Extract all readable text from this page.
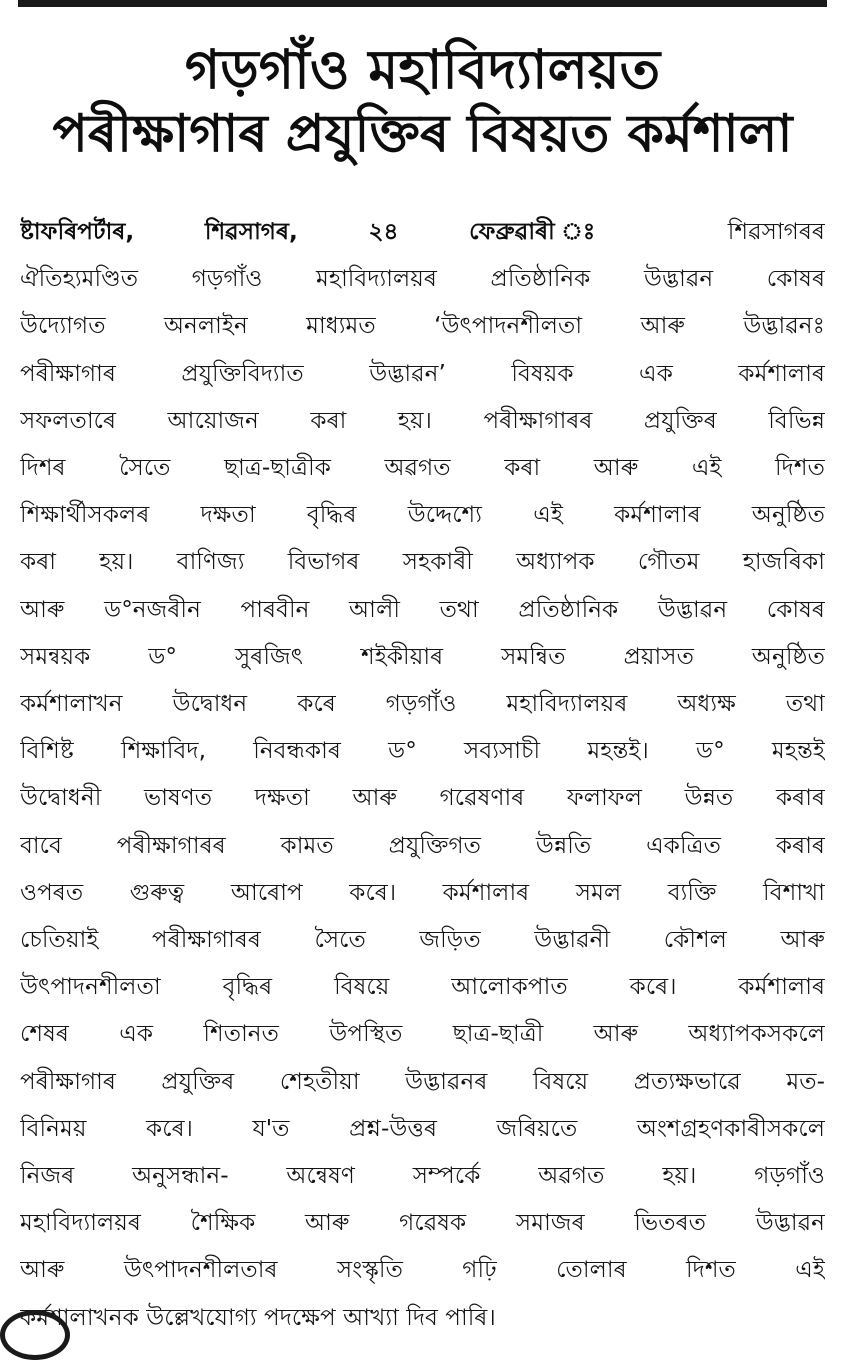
গড়গাঁও মহাবিদ্যালয়ত
পৰীক্ষাগাৰ প্ৰযুক্তিৰ বিষয়ত কৰ্মশালা
ষ্টাফৰিপৰ্টাৰ, শিৱসাগৰ, ২৪ ফেব্ৰুৱাৰী ঃ	শিৱসাগৰৰ
ঐতিহ্যমণ্ডিত গড়গাঁও মহাবিদ্যালয়ৰ প্ৰতিষ্ঠানিক উদ্ভাৱন কোষৰ
উদ্যোগত অনলাইন মাধ্যমত ‘উৎপাদনশীলতা আৰু উদ্ভাৱনঃ
পৰীক্ষাগাৰ প্ৰযুক্তিবিদ্যাত উদ্ভাৱন’ বিষয়ক এক কৰ্মশালাৰ
সফলতাৰে আয়োজন কৰা হয়। পৰীক্ষাগাৰৰ প্ৰযুক্তিৰ বিভিন্ন
দিশৰ সৈতে ছাত্ৰ-ছাত্ৰীক অৱগত কৰা আৰু এই দিশত
শিক্ষাৰ্থীসকলৰ দক্ষতা বৃদ্ধিৰ উদ্দেশ্যে এই কৰ্মশালাৰ অনুষ্ঠিত
কৰা হয়। বাণিজ্য বিভাগৰ সহকাৰী অধ্যাপক গৌতম হাজৰিকা
আৰু ড°নজৰীন পাৰবীন আলী তথা প্ৰতিষ্ঠানিক উদ্ভাৱন কোষৰ
সমন্বয়ক ড° সুৰজিৎ শইকীয়াৰ সমন্বিত প্ৰয়াসত অনুষ্ঠিত
কৰ্মশালাখন উদ্বোধন কৰে গড়গাঁও মহাবিদ্যালয়ৰ অধ্যক্ষ তথা
বিশিষ্ট শিক্ষাবিদ, নিবন্ধকাৰ ড° সব্যসাচী মহন্তই। ড° মহন্তই
উদ্বোধনী ভাষণত দক্ষতা আৰু গৱেষণাৰ ফলাফল উন্নত কৰাৰ
বাবে পৰীক্ষাগাৰৰ কামত প্ৰযুক্তিগত উন্নতি একত্ৰিত কৰাৰ
ওপৰত গুৰুত্ব আৰোপ কৰে। কৰ্মশালাৰ সমল ব্যক্তি বিশাখা
চেতিয়াই পৰীক্ষাগাৰৰ সৈতে জড়িত উদ্ভাৱনী কৌশল আৰু
উৎপাদনশীলতা বৃদ্ধিৰ বিষয়ে আলোকপাত কৰে। কৰ্মশালাৰ
শেষৰ এক শিতানত উপস্থিত ছাত্ৰ-ছাত্ৰী আৰু অধ্যাপকসকলে
পৰীক্ষাগাৰ প্ৰযুক্তিৰ শেহতীয়া উদ্ভাৱনৰ বিষয়ে প্ৰত্যক্ষভাৱে মত-
বিনিময় কৰে। য'ত প্ৰশ্ন-উত্তৰ জৰিয়তে অংশগ্ৰহণকাৰীসকলে
নিজৰ অনুসন্ধান- অন্বেষণ সম্পৰ্কে অৱগত হয়। গড়গাঁও
মহাবিদ্যালয়ৰ শৈক্ষিক আৰু গৱেষক সমাজৰ ভিতৰত উদ্ভাৱন
আৰু উৎপাদনশীলতাৰ সংস্কৃতি গঢ়ি তোলাৰ দিশত এই
কৰ্মশালাখনক উল্লেখযোগ্য পদক্ষেপ আখ্যা দিব পাৰি।
